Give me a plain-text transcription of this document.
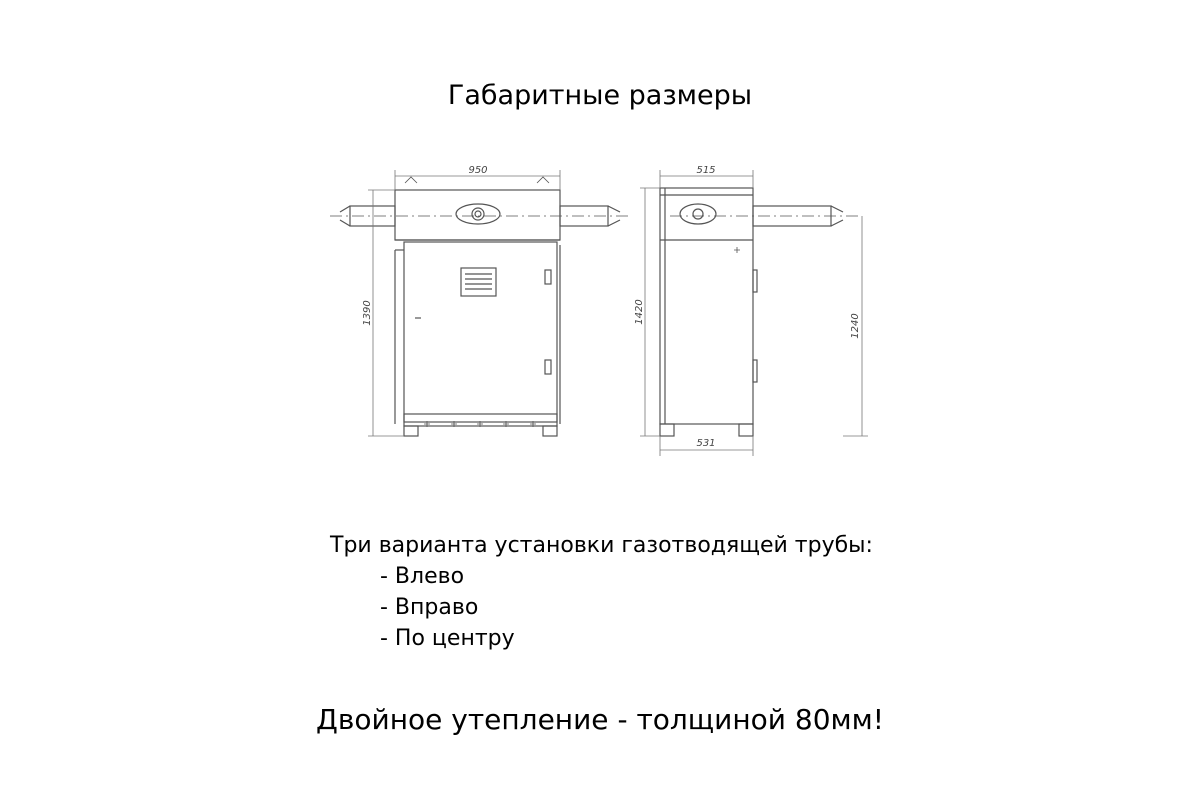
Габаритные размеры
950
1390
515
1420
531
1240
Три варианта установки газотводящей трубы:
- Влево
- Вправо
- По центру
Двойное утепление - толщиной 80мм!
